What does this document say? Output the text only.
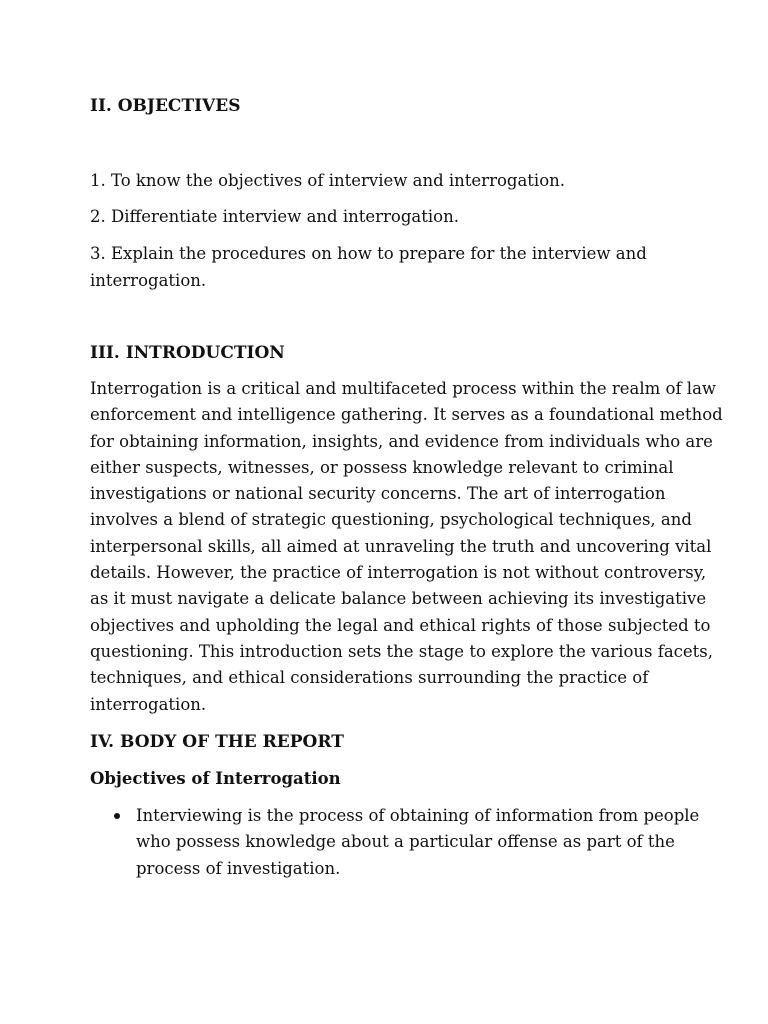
II. OBJECTIVES
1. To know the objectives of interview and interrogation.
2. Differentiate interview and interrogation.
3. Explain the procedures on how to prepare for the interview and
interrogation.
III. INTRODUCTION
Interrogation is a critical and multifaceted process within the realm of law
enforcement and intelligence gathering. It serves as a foundational method
for obtaining information, insights, and evidence from individuals who are
either suspects, witnesses, or possess knowledge relevant to criminal
investigations or national security concerns. The art of interrogation
involves a blend of strategic questioning, psychological techniques, and
interpersonal skills, all aimed at unraveling the truth and uncovering vital
details. However, the practice of interrogation is not without controversy,
as it must navigate a delicate balance between achieving its investigative
objectives and upholding the legal and ethical rights of those subjected to
questioning. This introduction sets the stage to explore the various facets,
techniques, and ethical considerations surrounding the practice of
interrogation.
IV. BODY OF THE REPORT
Objectives of Interrogation
Interviewing is the process of obtaining of information from people
who possess knowledge about a particular offense as part of the
process of investigation.
